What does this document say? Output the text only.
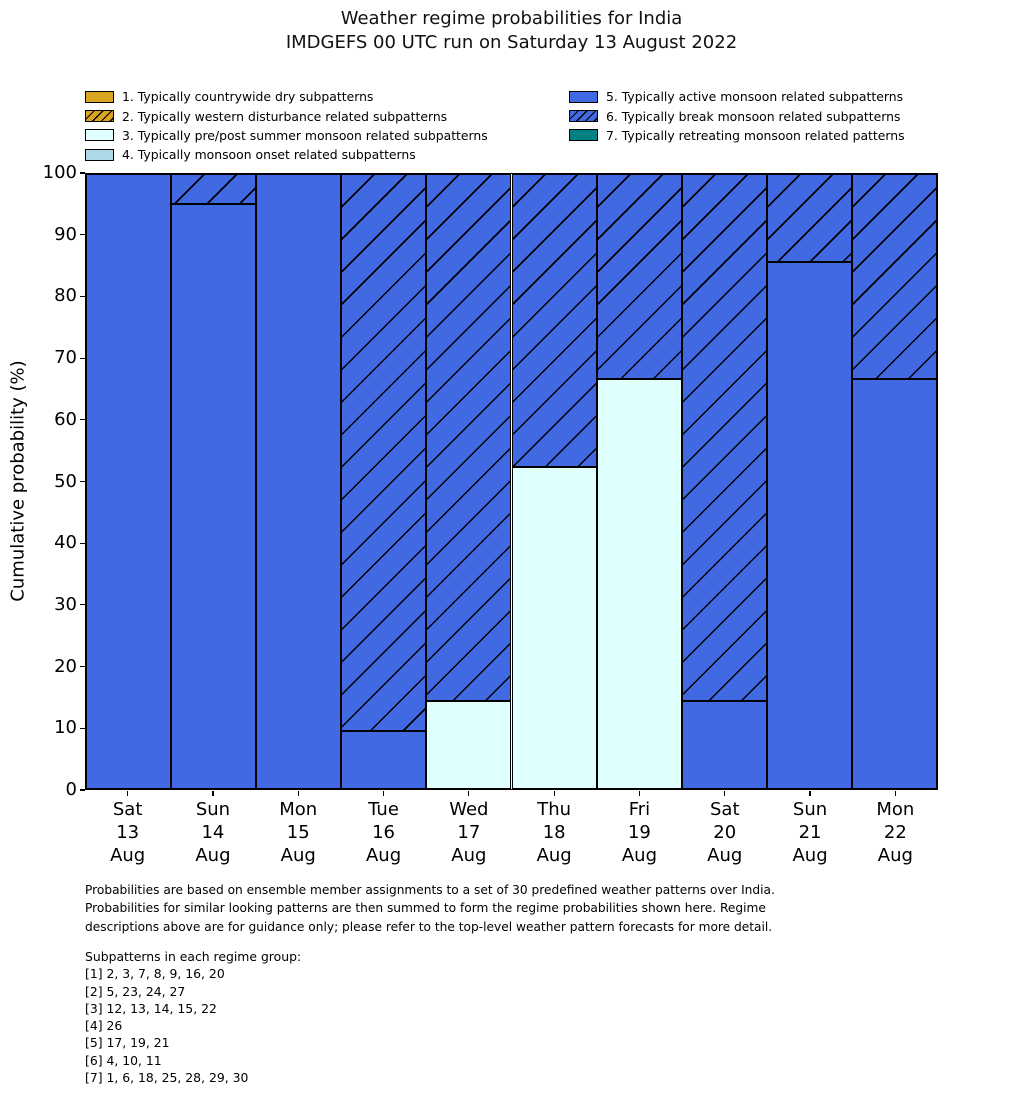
Weather regime probabilities for India
IMDGEFS 00 UTC run on Saturday 13 August 2022
1. Typically countrywide dry subpatterns
2. Typically western disturbance related subpatterns
3. Typically pre/post summer monsoon related subpatterns
4. Typically monsoon onset related subpatterns
5. Typically active monsoon related subpatterns
6. Typically break monsoon related subpatterns
7. Typically retreating monsoon related patterns
Cumulative probability (%)
0
10
20
30
40
50
60
70
80
90
100
Sat
13
Aug
Sun
14
Aug
Mon
15
Aug
Tue
16
Aug
Wed
17
Aug
Thu
18
Aug
Fri
19
Aug
Sat
20
Aug
Sun
21
Aug
Mon
22
Aug
Probabilities are based on ensemble member assignments to a set of 30 predefined weather patterns over India.
Probabilities for similar looking patterns are then summed to form the regime probabilities shown here. Regime
descriptions above are for guidance only; please refer to the top-level weather pattern forecasts for more detail.
Subpatterns in each regime group:
[1] 2, 3, 7, 8, 9, 16, 20
[2] 5, 23, 24, 27
[3] 12, 13, 14, 15, 22
[4] 26
[5] 17, 19, 21
[6] 4, 10, 11
[7] 1, 6, 18, 25, 28, 29, 30
